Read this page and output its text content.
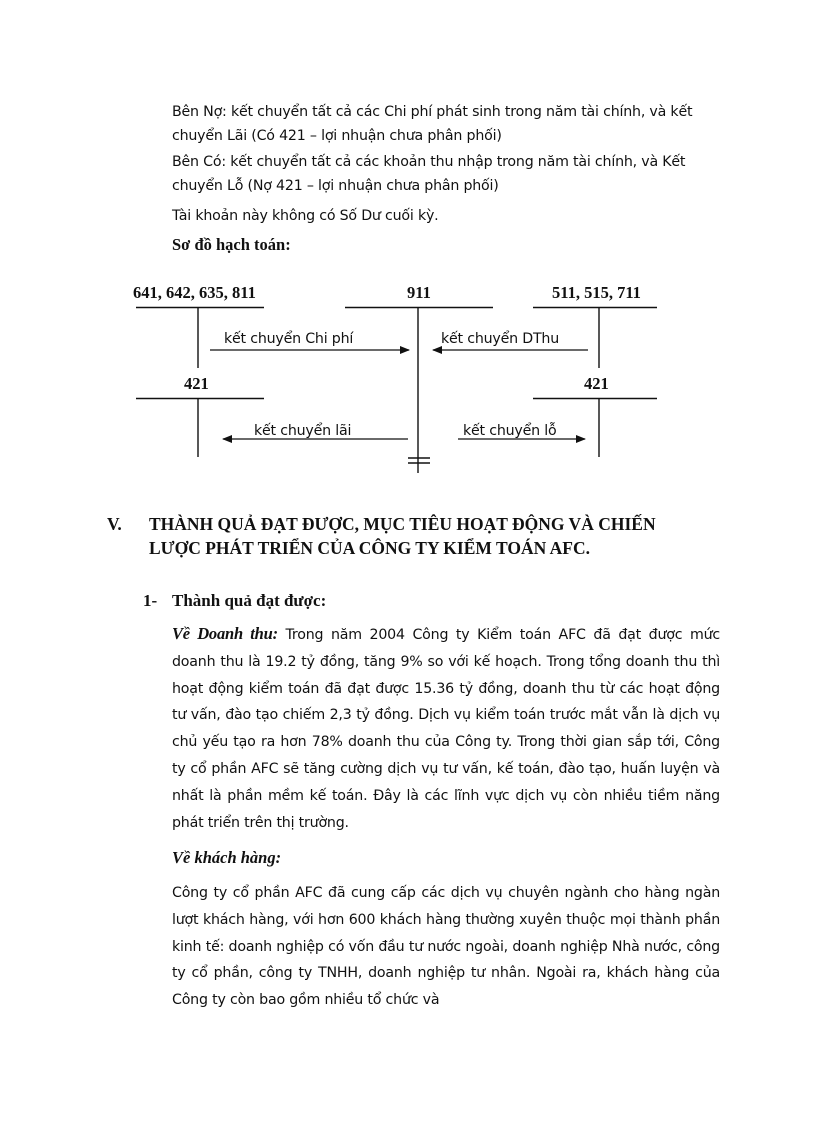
Bên Nợ: kết chuyển tất cả các Chi phí phát sinh trong năm tài chính, và kết chuyển Lãi (Có 421 – lợi nhuận chưa phân phối)

Bên Có: kết chuyển tất cả các khoản thu nhập trong năm tài chính, và Kết chuyển Lỗ (Nợ 421 – lợi nhuận chưa phân phối)

Tài khoản này không có Số Dư cuối kỳ.

Sơ đồ hạch toán:

641, 642, 635, 811	911	511, 515, 711
421	421
kết chuyển Chi phí	kết chuyển DThu
kết chuyển lãi	kết chuyển lỗ
V. THÀNH QUẢ ĐẠT ĐƯỢC, MỤC TIÊU HOẠT ĐỘNG VÀ CHIẾN
LƯỢC PHÁT TRIỂN CỦA CÔNG TY KIỂM TOÁN AFC.
1- Thành quả đạt được:

Về Doanh thu: Trong năm 2004 Công ty Kiểm toán AFC đã đạt được mức doanh thu là 19.2 tỷ đồng, tăng 9% so với kế hoạch. Trong tổng doanh thu thì hoạt động kiểm toán đã đạt được 15.36 tỷ đồng, doanh thu từ các hoạt động tư vấn, đào tạo chiếm 2,3 tỷ đồng. Dịch vụ kiểm toán trước mắt vẫn là dịch vụ chủ yếu tạo ra hơn 78% doanh thu của Công ty. Trong thời gian sắp tới, Công ty cổ phần AFC sẽ tăng cường dịch vụ tư vấn, kế toán, đào tạo, huấn luyện và nhất là phần mềm kế toán. Đây là các lĩnh vực dịch vụ còn nhiều tiềm năng phát triển trên thị trường.

Về khách hàng:

Công ty cổ phần AFC đã cung cấp các dịch vụ chuyên ngành cho hàng ngàn lượt khách hàng, với hơn 600 khách hàng thường xuyên thuộc mọi thành phần kinh tế: doanh nghiệp có vốn đầu tư nước ngoài, doanh nghiệp Nhà nước, công ty cổ phần, công ty TNHH, doanh nghiệp tư nhân. Ngoài ra, khách hàng của Công ty còn bao gồm nhiều tổ chức và
